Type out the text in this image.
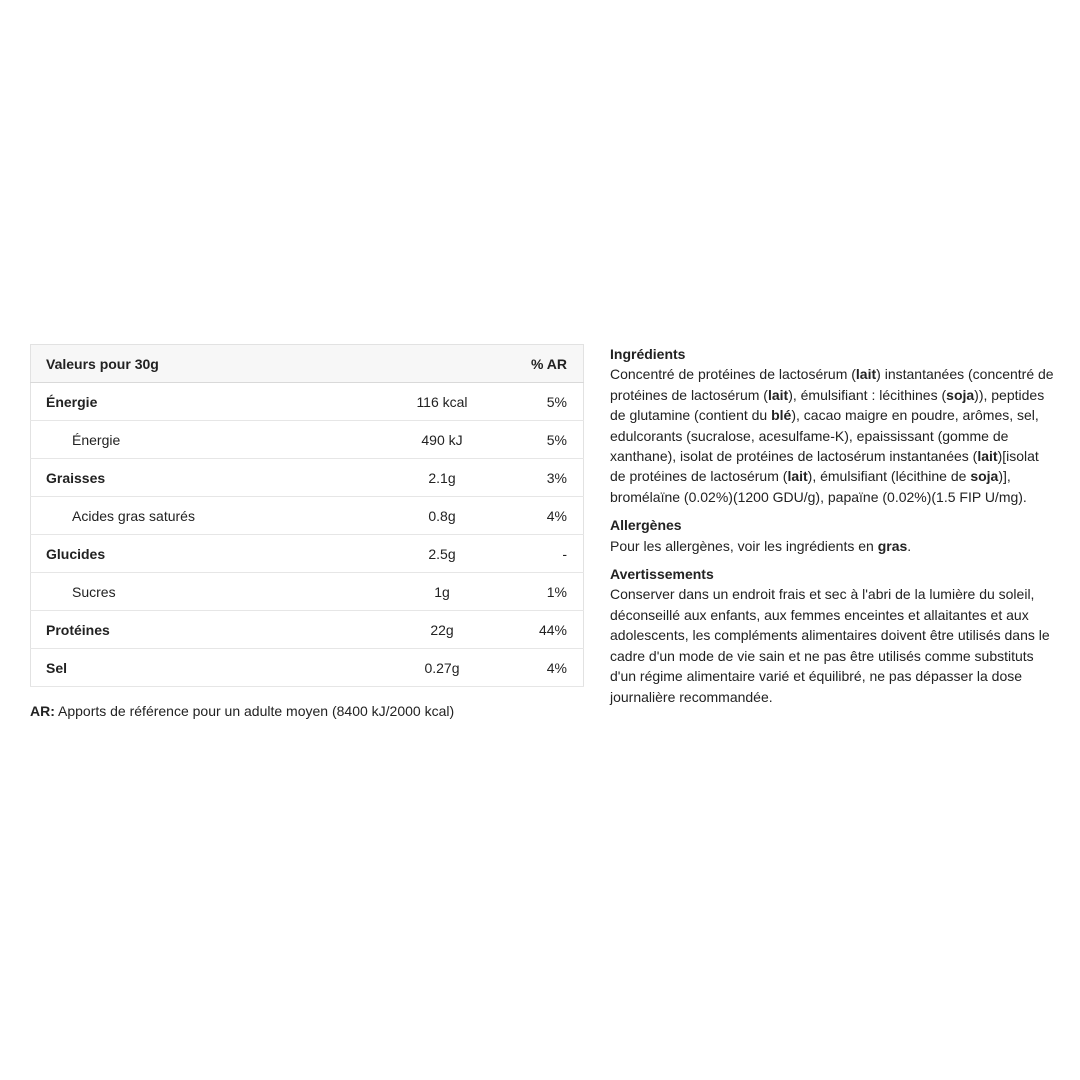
Valeurs pour 30g		% AR
Énergie	116 kcal	5%
Énergie	490 kJ	5%
Graisses	2.1g	3%
Acides gras saturés	0.8g	4%
Glucides	2.5g	-
Sucres	1g	1%
Protéines	22g	44%
Sel	0.27g	4%
AR: Apports de référence pour un adulte moyen (8400 kJ/2000 kcal)
Ingrédients

Concentré de protéines de lactosérum (lait) instantanées (concentré de protéines de lactosérum (lait), émulsifiant : lécithines (soja)), peptides de glutamine (contient du blé), cacao maigre en poudre, arômes, sel, edulcorants (sucralose, acesulfame-K), epaississant (gomme de xanthane), isolat de protéines de lactosérum instantanées (lait)[isolat de protéines de lactosérum (lait), émulsifiant (lécithine de soja)], bromélaïne (0.02%)(1200 GDU/g), papaïne (0.02%)(1.5 FIP U/mg).

Allergènes

Pour les allergènes, voir les ingrédients en gras.

Avertissements

Conserver dans un endroit frais et sec à l'abri de la lumière du soleil, déconseillé aux enfants, aux femmes enceintes et allaitantes et aux adolescents, les compléments alimentaires doivent être utilisés dans le cadre d'un mode de vie sain et ne pas être utilisés comme substituts d'un régime alimentaire varié et équilibré, ne pas dépasser la dose journalière recommandée.
